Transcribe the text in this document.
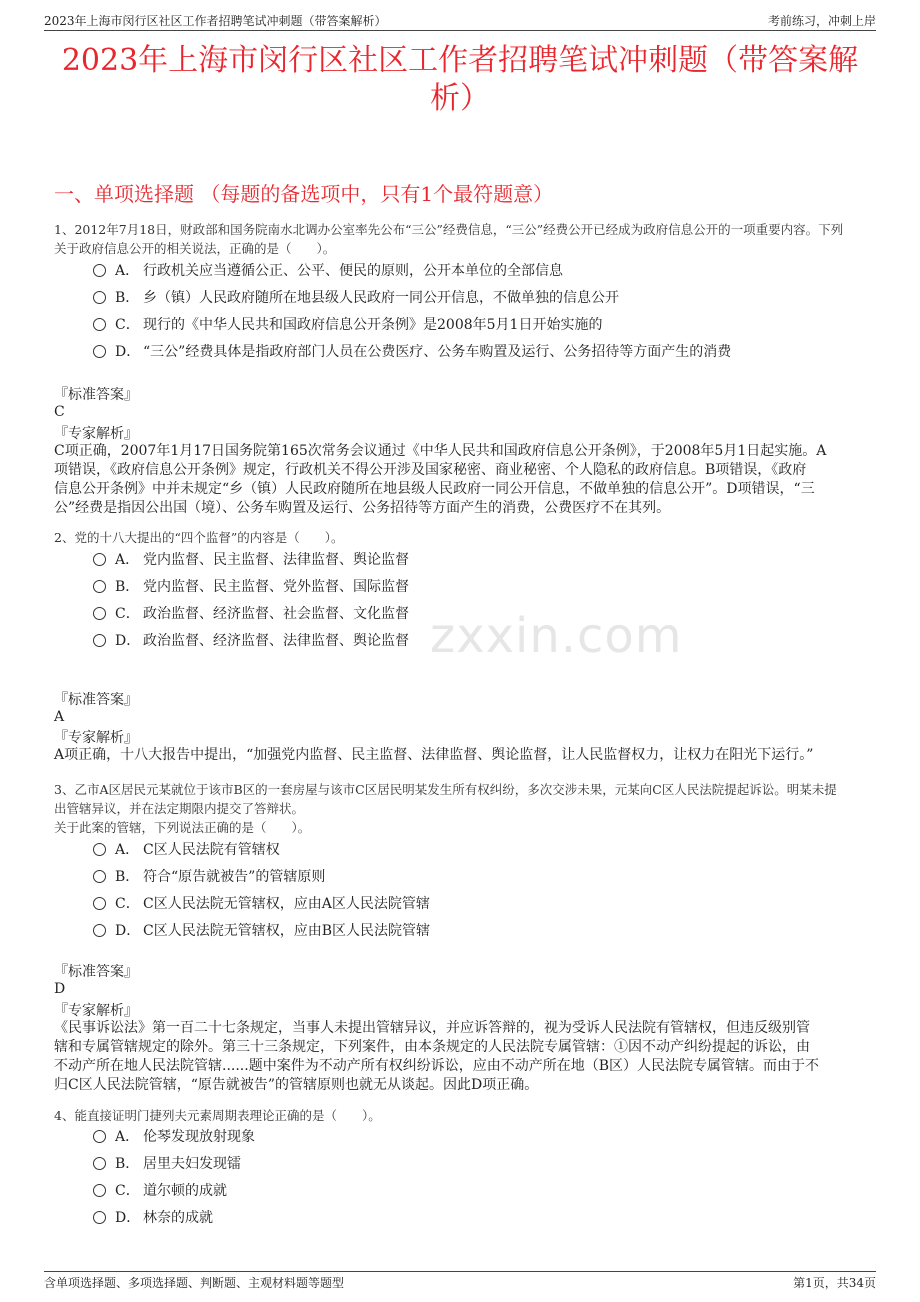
2023年上海市闵行区社区工作者招聘笔试冲刺题（带答案解析）	考前练习，冲刺上岸
2023年上海市闵行区社区工作者招聘笔试冲刺题（带答案解
析）
zxxin.com
一、单项选择题 （每题的备选项中，只有1个最符题意）
1、2012年7月18日，财政部和国务院南水北调办公室率先公布“三公”经费信息，“三公”经费公开已经成为政府信息公开的一项重要内容。下列
关于政府信息公开的相关说法，正确的是（　　）。
A． 行政机关应当遵循公正、公平、便民的原则，公开本单位的全部信息
B． 乡（镇）人民政府随所在地县级人民政府一同公开信息，不做单独的信息公开
C． 现行的《中华人民共和国政府信息公开条例》是2008年5月1日开始实施的
D． “三公”经费具体是指政府部门人员在公费医疗、公务车购置及运行、公务招待等方面产生的消费
『标准答案』
C
『专家解析』
C项正确，2007年1月17日国务院第165次常务会议通过《中华人民共和国政府信息公开条例》，于2008年5月1日起实施。A
项错误，《政府信息公开条例》规定，行政机关不得公开涉及国家秘密、商业秘密、个人隐私的政府信息。B项错误，《政府
信息公开条例》中并未规定“乡（镇）人民政府随所在地县级人民政府一同公开信息，不做单独的信息公开”。D项错误，“三
公”经费是指因公出国（境）、公务车购置及运行、公务招待等方面产生的消费，公费医疗不在其列。
2、党的十八大提出的“四个监督”的内容是（　　）。
A． 党内监督、民主监督、法律监督、舆论监督
B． 党内监督、民主监督、党外监督、国际监督
C． 政治监督、经济监督、社会监督、文化监督
D． 政治监督、经济监督、法律监督、舆论监督
『标准答案』
A
『专家解析』
A项正确，十八大报告中提出，“加强党内监督、民主监督、法律监督、舆论监督，让人民监督权力，让权力在阳光下运行。”
3、乙市A区居民元某就位于该市B区的一套房屋与该市C区居民明某发生所有权纠纷，多次交涉未果，元某向C区人民法院提起诉讼。明某未提
出管辖异议，并在法定期限内提交了答辩状。
关于此案的管辖，下列说法正确的是（　　）。
A． C区人民法院有管辖权
B． 符合“原告就被告”的管辖原则
C． C区人民法院无管辖权，应由A区人民法院管辖
D． C区人民法院无管辖权，应由B区人民法院管辖
『标准答案』
D
『专家解析』
《民事诉讼法》第一百二十七条规定，当事人未提出管辖异议，并应诉答辩的，视为受诉人民法院有管辖权，但违反级别管
辖和专属管辖规定的除外。第三十三条规定，下列案件，由本条规定的人民法院专属管辖：①因不动产纠纷提起的诉讼，由
不动产所在地人民法院管辖......题中案件为不动产所有权纠纷诉讼，应由不动产所在地（B区）人民法院专属管辖。而由于不
归C区人民法院管辖，“原告就被告”的管辖原则也就无从谈起。因此D项正确。
4、能直接证明门捷列夫元素周期表理论正确的是（　　）。
A． 伦琴发现放射现象
B． 居里夫妇发现镭
C． 道尔顿的成就
D． 林奈的成就
含单项选择题、多项选择题、判断题、主观材料题等题型	第1页，共34页
